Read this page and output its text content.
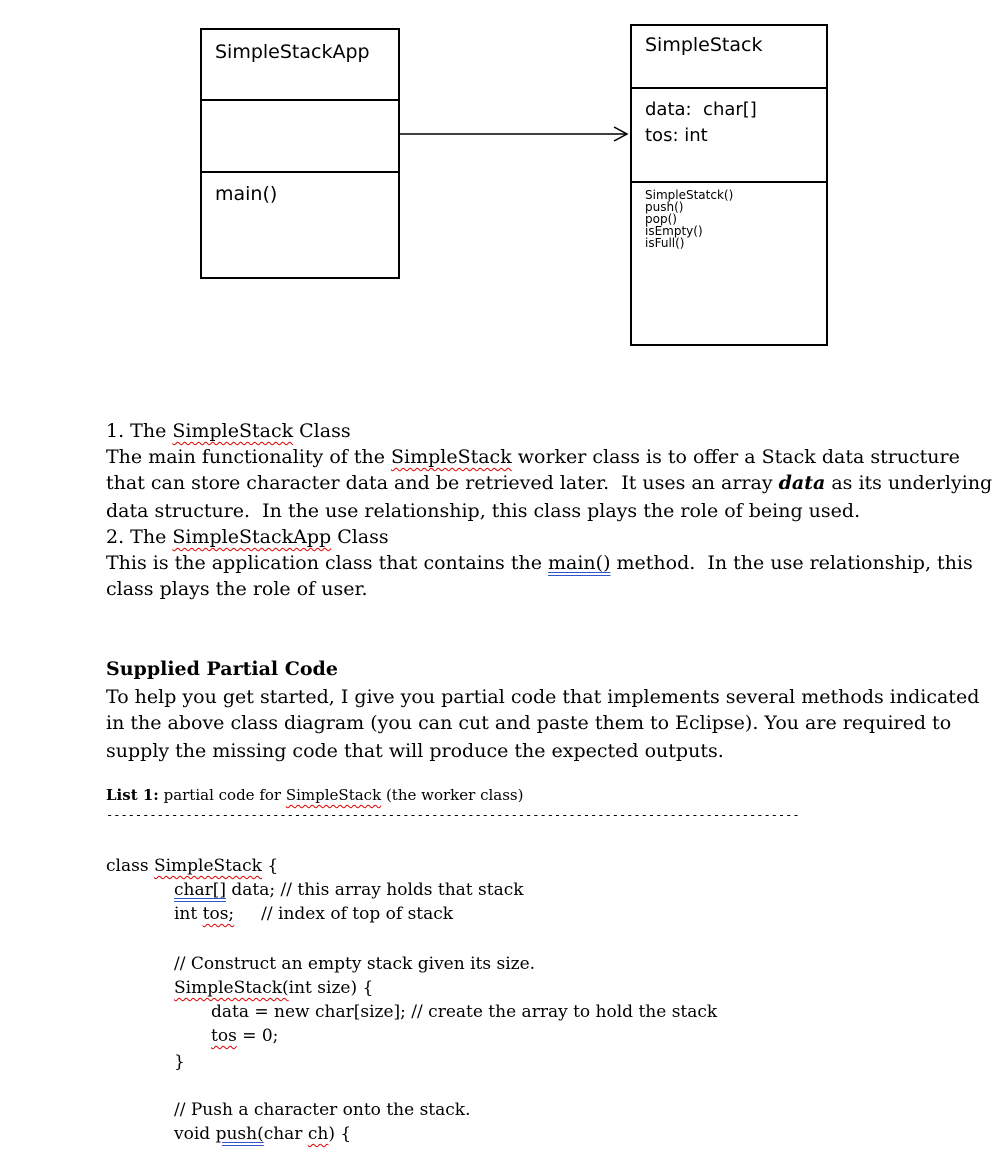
SimpleStackApp
main()
SimpleStack
data:  char[]
tos: int
SimpleStatck()
push()
pop()
isEmpty()
isFull()
1. The SimpleStack Class
The main functionality of the SimpleStack worker class is to offer a Stack data structure
that can store character data and be retrieved later.  It uses an array data as its underlying
data structure.  In the use relationship, this class plays the role of being used.
2. The SimpleStackApp Class
This is the application class that contains the main() method.  In the use relationship, this
class plays the role of user.
Supplied Partial Code
To help you get started, I give you partial code that implements several methods indicated
in the above class diagram (you can cut and paste them to Eclipse). You are required to
supply the missing code that will produce the expected outputs.
List 1: partial code for SimpleStack (the worker class)
------------------------------------------------------------------------------------------------
class SimpleStack {
char[] data; // this array holds that stack
int tos;     // index of top of stack
// Construct an empty stack given its size.
SimpleStack(int size) {
data = new char[size]; // create the array to hold the stack
tos = 0;
}
// Push a character onto the stack.
void push(char ch) {
